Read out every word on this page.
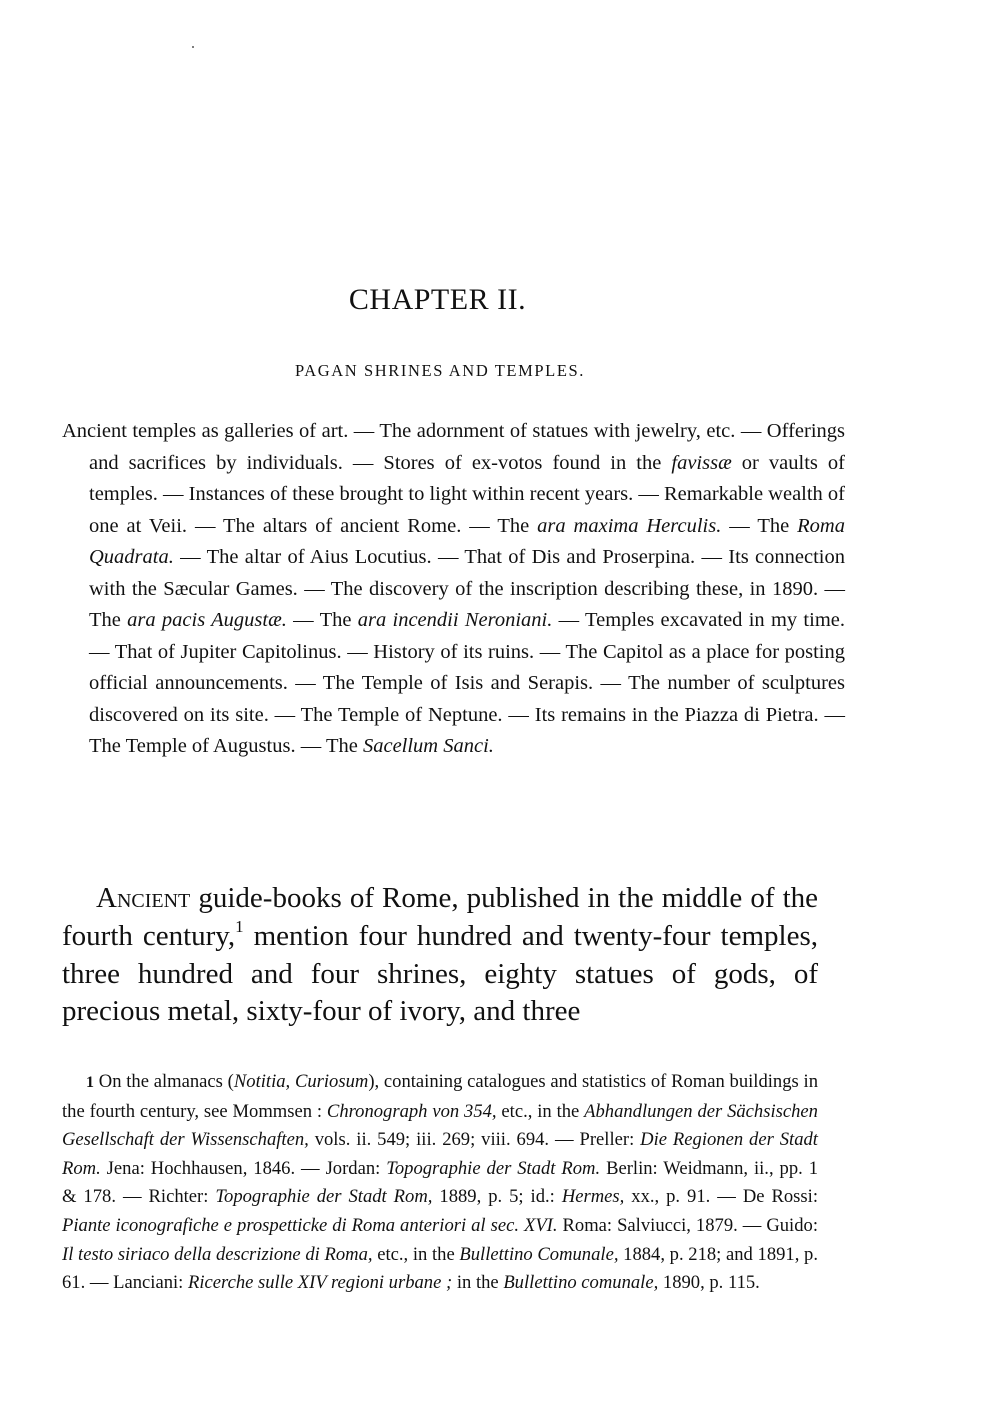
CHAPTER II.
PAGAN SHRINES AND TEMPLES.

Ancient temples as galleries of art. — The adornment of statues with jewelry, etc. — Offerings and sacrifices by individuals. — Stores of ex-votos found in the favissæ or vaults of temples. — Instances of these brought to light within recent years. — Remarkable wealth of one at Veii. — The altars of ancient Rome. — The ara maxima Herculis. — The Roma Quadrata. — The altar of Aius Locutius. — That of Dis and Proserpina. — Its connection with the Sæcular Games. — The discovery of the inscription describing these, in 1890. — The ara pacis Augustæ. — The ara incendii Neroniani. — Temples excavated in my time. — That of Jupiter Capitolinus. — History of its ruins. — The Capitol as a place for posting official announcements. — The Temple of Isis and Serapis. — The number of sculptures discovered on its site. — The Temple of Neptune. — Its remains in the Piazza di Pietra. — The Temple of Augustus. — The Sacellum Sanci.

Ancient guide-books of Rome, published in the middle of the fourth century,$^1$ mention four hundred and twenty-four temples, three hundred and four shrines, eighty statues of gods, of precious metal, sixty-four of ivory, and three

1 On the almanacs (Notitia, Curiosum), containing catalogues and statistics of Roman buildings in the fourth century, see Mommsen : Chronograph von 354, etc., in the Abhandlungen der Sächsischen Gesellschaft der Wissenschaften, vols. ii. 549; iii. 269; viii. 694. — Preller: Die Regionen der Stadt Rom. Jena: Hochhausen, 1846. — Jordan: Topographie der Stadt Rom. Berlin: Weidmann, ii., pp. 1 & 178. — Richter: Topographie der Stadt Rom, 1889, p. 5; id.: Hermes, xx., p. 91. — De Rossi: Piante iconografiche e prospetticke di Roma anteriori al sec. XVI. Roma: Salviucci, 1879. — Guido: Il testo siriaco della descrizione di Roma, etc., in the Bullettino Comunale, 1884, p. 218; and 1891, p. 61. — Lanciani: Ricerche sulle XIV regioni urbane ; in the Bullettino comunale, 1890, p. 115.
